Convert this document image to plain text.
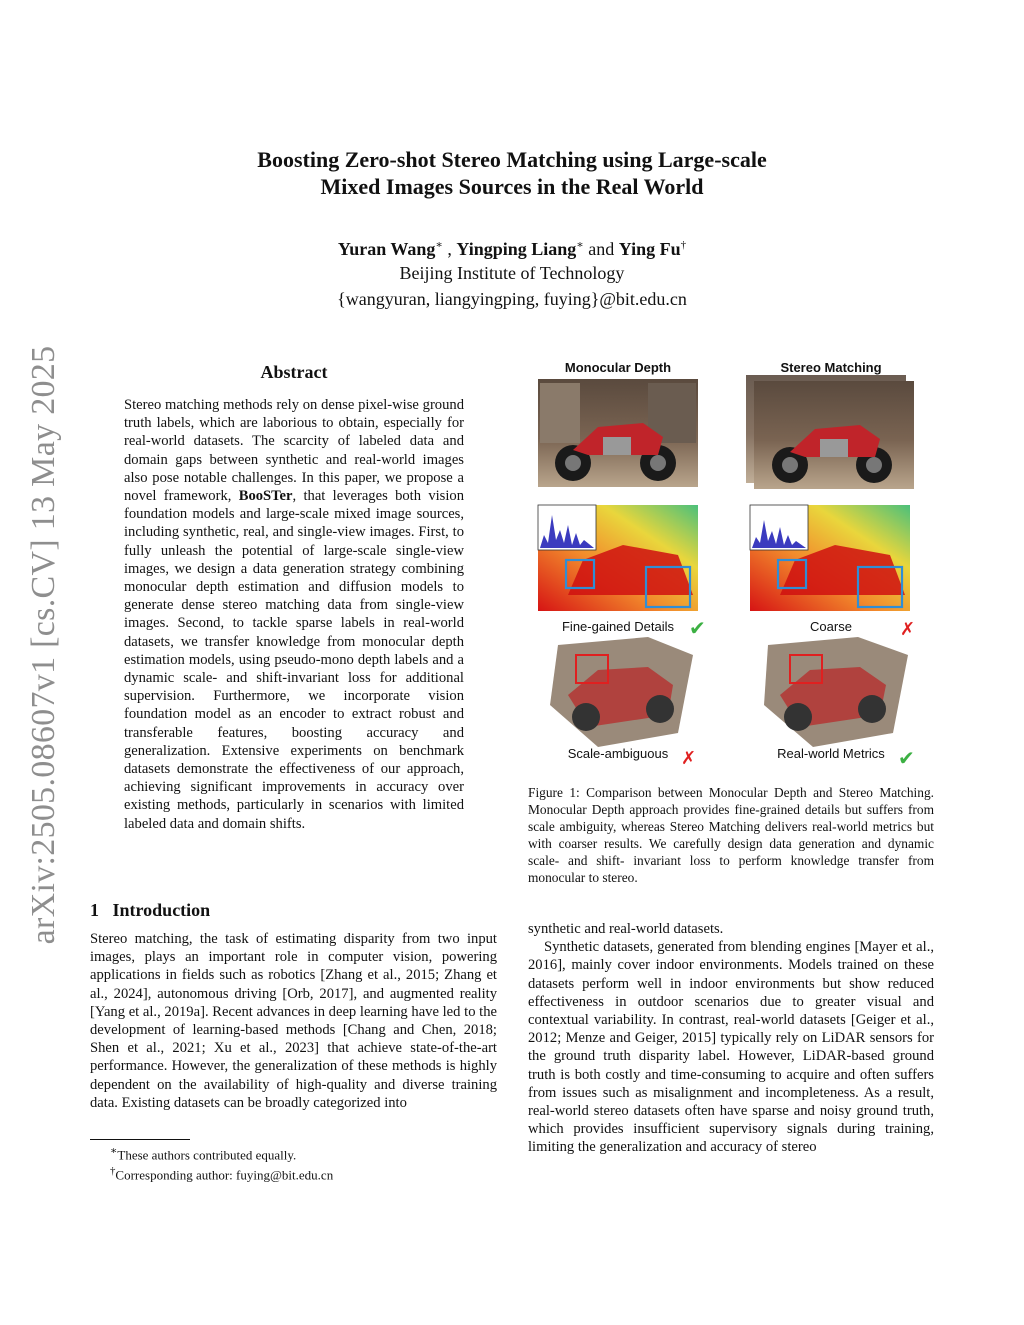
arXiv:2505.08607v1 [cs.CV] 13 May 2025
Boosting Zero-shot Stereo Matching using Large-scale
Mixed Images Sources in the Real World
Yuran Wang∗ , Yingping Liang∗ and Ying Fu†
Beijing Institute of Technology
{wangyuran, liangyingping, fuying}@bit.edu.cn
Abstract
Stereo matching methods rely on dense pixel-wise ground truth labels, which are laborious to obtain, especially for real-world datasets. The scarcity of labeled data and domain gaps between synthetic and real-world images also pose notable challenges. In this paper, we propose a novel framework, BooSTer, that leverages both vision foundation models and large-scale mixed image sources, including synthetic, real, and single-view images. First, to fully unleash the potential of large-scale single-view images, we design a data generation strategy combining monocular depth estimation and diffusion models to generate dense stereo matching data from single-view images. Second, to tackle sparse labels in real-world datasets, we transfer knowledge from monocular depth estimation models, using pseudo-mono depth labels and a dynamic scale- and shift-invariant loss for additional supervision. Furthermore, we incorporate vision foundation model as an encoder to extract robust and transferable features, boosting accuracy and generalization. Extensive experiments on benchmark datasets demonstrate the effectiveness of our approach, achieving significant improvements in accuracy over existing methods, particularly in scenarios with limited labeled data and domain shifts.
1 Introduction
Stereo matching, the task of estimating disparity from two input images, plays an important role in computer vision, powering applications in fields such as robotics [Zhang et al., 2015; Zhang et al., 2024], autonomous driving [Orb, 2017], and augmented reality [Yang et al., 2019a]. Recent advances in deep learning have led to the development of learning-based methods [Chang and Chen, 2018; Shen et al., 2021; Xu et al., 2023] that achieve state-of-the-art performance. However, the generalization of these methods is highly dependent on the availability of high-quality and diverse training data. Existing datasets can be broadly categorized into
∗These authors contributed equally.
†Corresponding author: fuying@bit.edu.cn
Monocular Depth	Stereo Matching
Fine-gained Details ✔	Coarse	✗
Scale-ambiguous ✗	Real-world Metrics ✔
Figure 1: Comparison between Monocular Depth and Stereo Matching. Monocular Depth approach provides fine-grained details but suffers from scale ambiguity, whereas Stereo Matching delivers real-world metrics but with coarser results. We carefully design data generation and dynamic scale- and shift- invariant loss to perform knowledge transfer from monocular to stereo.

synthetic and real-world datasets.

Synthetic datasets, generated from blending engines [Mayer et al., 2016], mainly cover indoor environments. Models trained on these datasets perform well in indoor environments but show reduced effectiveness in outdoor scenarios due to greater visual and contextual variability. In contrast, real-world datasets [Geiger et al., 2012; Menze and Geiger, 2015] typically rely on LiDAR sensors for the ground truth disparity label. However, LiDAR-based ground truth is both costly and time-consuming to acquire and often suffers from issues such as misalignment and incompleteness. As a result, real-world stereo datasets often have sparse and noisy ground truth, which provides insufficient supervisory signals during training, limiting the generalization and accuracy of stereo
